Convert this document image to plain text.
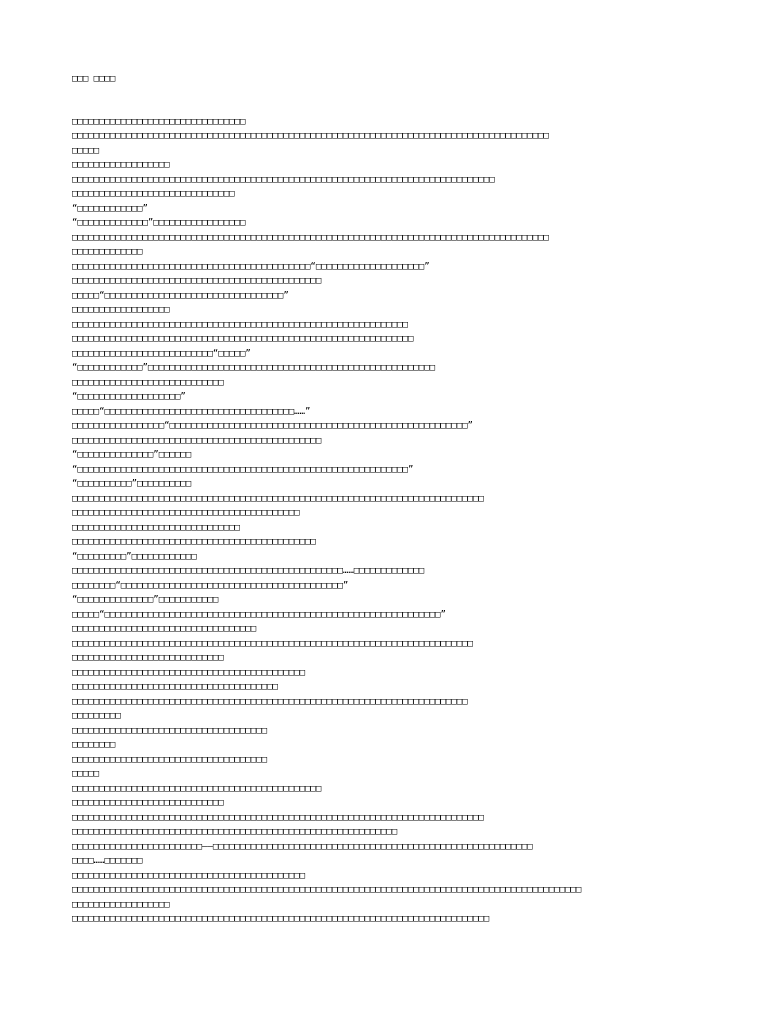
□□□ □□□□
□□□□□□□□□□□□□□□□□□□□□□□□□□□□□□□□
□□□□□□□□□□□□□□□□□□□□□□□□□□□□□□□□□□□□□□□□□□□□□□□□□□□□□□□□□□□□□□□□□□□□□□□□□□□□□□□□□□□□□□□□
□□□□□
□□□□□□□□□□□□□□□□□□
□□□□□□□□□□□□□□□□□□□□□□□□□□□□□□□□□□□□□□□□□□□□□□□□□□□□□□□□□□□□□□□□□□□□□□□□□□□□□□
□□□□□□□□□□□□□□□□□□□□□□□□□□□□□□
“□□□□□□□□□□□□”
“□□□□□□□□□□□□□”□□□□□□□□□□□□□□□□□
□□□□□□□□□□□□□□□□□□□□□□□□□□□□□□□□□□□□□□□□□□□□□□□□□□□□□□□□□□□□□□□□□□□□□□□□□□□□□□□□□□□□□□□□
□□□□□□□□□□□□□
□□□□□□□□□□□□□□□□□□□□□□□□□□□□□□□□□□□□□□□□□□□□“□□□□□□□□□□□□□□□□□□□□”
□□□□□□□□□□□□□□□□□□□□□□□□□□□□□□□□□□□□□□□□□□□□□□
□□□□□“□□□□□□□□□□□□□□□□□□□□□□□□□□□□□□□□□”
□□□□□□□□□□□□□□□□□□
□□□□□□□□□□□□□□□□□□□□□□□□□□□□□□□□□□□□□□□□□□□□□□□□□□□□□□□□□□□□□□
□□□□□□□□□□□□□□□□□□□□□□□□□□□□□□□□□□□□□□□□□□□□□□□□□□□□□□□□□□□□□□□
□□□□□□□□□□□□□□□□□□□□□□□□□□“□□□□□”
“□□□□□□□□□□□□”□□□□□□□□□□□□□□□□□□□□□□□□□□□□□□□□□□□□□□□□□□□□□□□□□□□□□
□□□□□□□□□□□□□□□□□□□□□□□□□□□□
“□□□□□□□□□□□□□□□□□□□”
□□□□□“□□□□□□□□□□□□□□□□□□□□□□□□□□□□□□□□□□□……”
□□□□□□□□□□□□□□□□□“□□□□□□□□□□□□□□□□□□□□□□□□□□□□□□□□□□□□□□□□□□□□□□□□□□□□□□□”
□□□□□□□□□□□□□□□□□□□□□□□□□□□□□□□□□□□□□□□□□□□□□□
“□□□□□□□□□□□□□□”□□□□□□
“□□□□□□□□□□□□□□□□□□□□□□□□□□□□□□□□□□□□□□□□□□□□□□□□□□□□□□□□□□□□□”
“□□□□□□□□□□”□□□□□□□□□□
□□□□□□□□□□□□□□□□□□□□□□□□□□□□□□□□□□□□□□□□□□□□□□□□□□□□□□□□□□□□□□□□□□□□□□□□□□□□
□□□□□□□□□□□□□□□□□□□□□□□□□□□□□□□□□□□□□□□□□□
□□□□□□□□□□□□□□□□□□□□□□□□□□□□□□□
□□□□□□□□□□□□□□□□□□□□□□□□□□□□□□□□□□□□□□□□□□□□□
“□□□□□□□□□”□□□□□□□□□□□□
□□□□□□□□□□□□□□□□□□□□□□□□□□□□□□□□□□□□□□□□□□□□□□□□□□……□□□□□□□□□□□□□
□□□□□□□□“□□□□□□□□□□□□□□□□□□□□□□□□□□□□□□□□□□□□□□□□□”
“□□□□□□□□□□□□□□”□□□□□□□□□□□
□□□□□“□□□□□□□□□□□□□□□□□□□□□□□□□□□□□□□□□□□□□□□□□□□□□□□□□□□□□□□□□□□□□□”
□□□□□□□□□□□□□□□□□□□□□□□□□□□□□□□□□□
□□□□□□□□□□□□□□□□□□□□□□□□□□□□□□□□□□□□□□□□□□□□□□□□□□□□□□□□□□□□□□□□□□□□□□□□□□
□□□□□□□□□□□□□□□□□□□□□□□□□□□□
□□□□□□□□□□□□□□□□□□□□□□□□□□□□□□□□□□□□□□□□□□□
□□□□□□□□□□□□□□□□□□□□□□□□□□□□□□□□□□□□□□
□□□□□□□□□□□□□□□□□□□□□□□□□□□□□□□□□□□□□□□□□□□□□□□□□□□□□□□□□□□□□□□□□□□□□□□□□
□□□□□□□□□
□□□□□□□□□□□□□□□□□□□□□□□□□□□□□□□□□□□□
□□□□□□□□
□□□□□□□□□□□□□□□□□□□□□□□□□□□□□□□□□□□□
□□□□□
□□□□□□□□□□□□□□□□□□□□□□□□□□□□□□□□□□□□□□□□□□□□□□
□□□□□□□□□□□□□□□□□□□□□□□□□□□□
□□□□□□□□□□□□□□□□□□□□□□□□□□□□□□□□□□□□□□□□□□□□□□□□□□□□□□□□□□□□□□□□□□□□□□□□□□□□
□□□□□□□□□□□□□□□□□□□□□□□□□□□□□□□□□□□□□□□□□□□□□□□□□□□□□□□□□□□□
□□□□□□□□□□□□□□□□□□□□□□□□——□□□□□□□□□□□□□□□□□□□□□□□□□□□□□□□□□□□□□□□□□□□□□□□□□□□□□□□□□□□
□□□□……□□□□□□□
□□□□□□□□□□□□□□□□□□□□□□□□□□□□□□□□□□□□□□□□□□□
□□□□□□□□□□□□□□□□□□□□□□□□□□□□□□□□□□□□□□□□□□□□□□□□□□□□□□□□□□□□□□□□□□□□□□□□□□□□□□□□□□□□□□□□□□□□□□
□□□□□□□□□□□□□□□□□□
□□□□□□□□□□□□□□□□□□□□□□□□□□□□□□□□□□□□□□□□□□□□□□□□□□□□□□□□□□□□□□□□□□□□□□□□□□□□□
